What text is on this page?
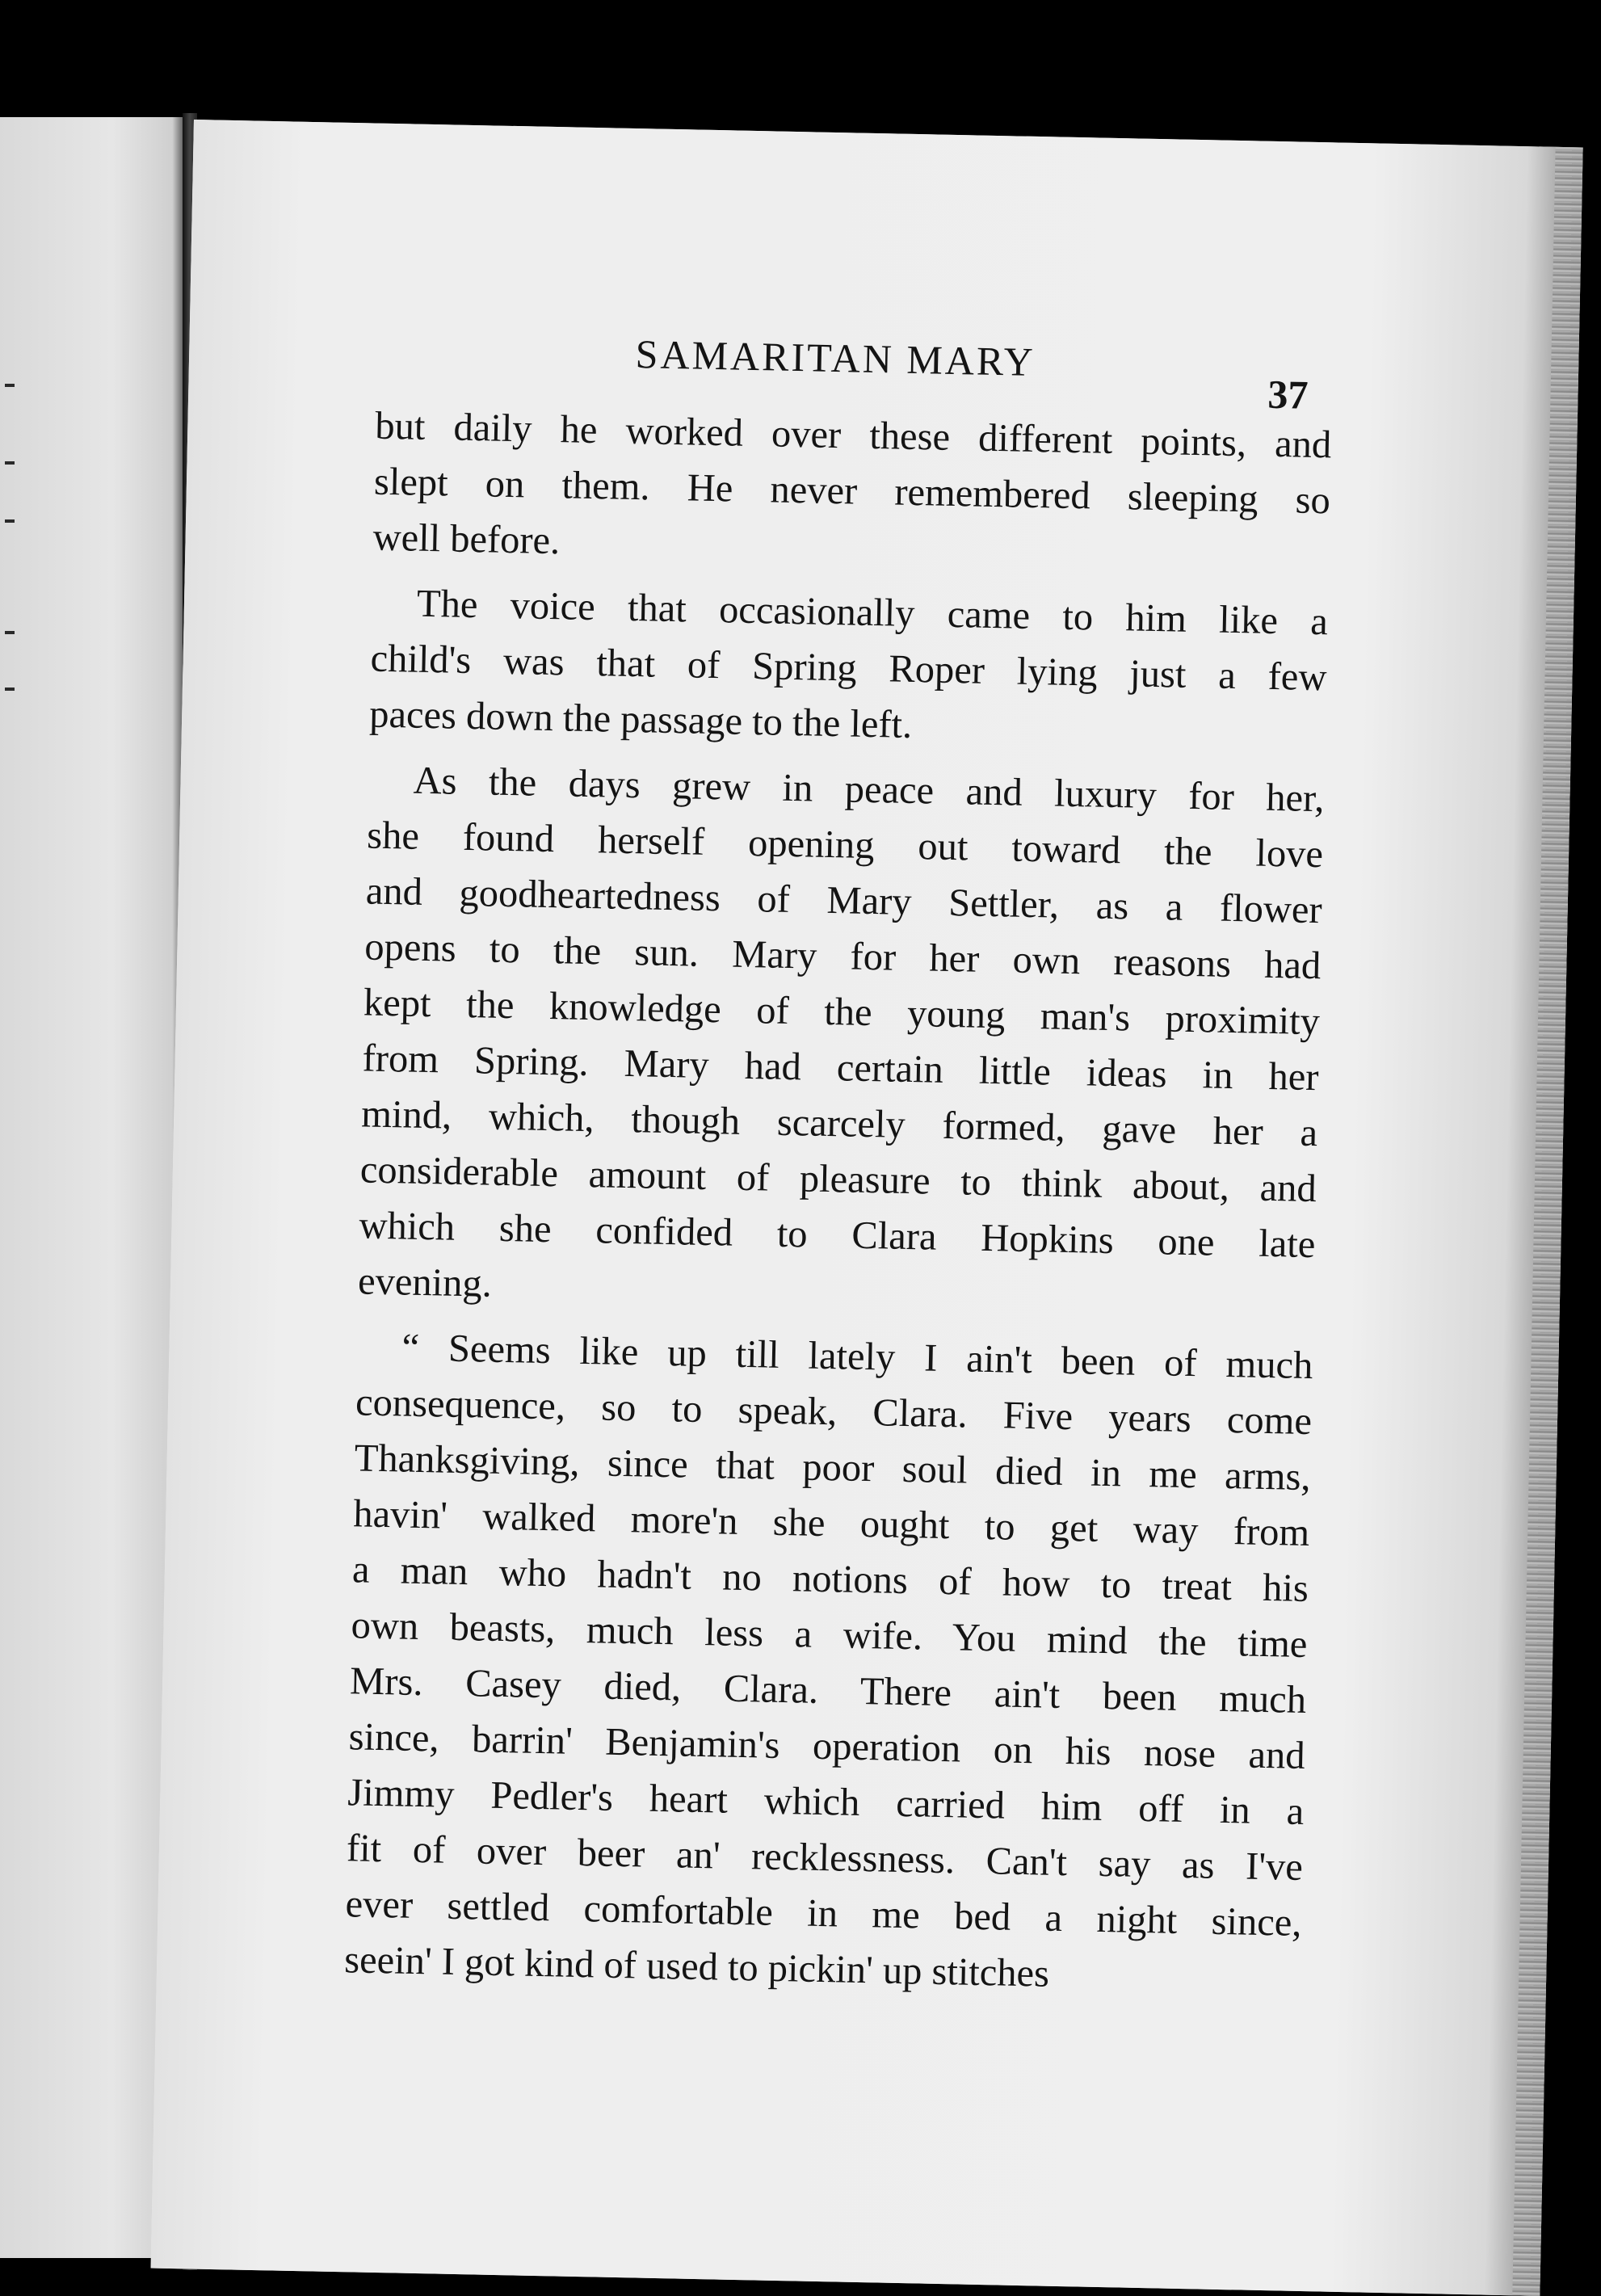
SAMARITAN MARY
37
but daily he worked over these different points, and
slept on them. He never remembered sleeping so
well before.
The voice that occasionally came to him like a
child's was that of Spring Roper lying just a few
paces down the passage to the left.
As the days grew in peace and luxury for her,
she found herself opening out toward the love
and goodheartedness of Mary Settler, as a flower
opens to the sun. Mary for her own reasons had
kept the knowledge of the young man's proximity
from Spring. Mary had certain little ideas in her
mind, which, though scarcely formed, gave her a
considerable amount of pleasure to think about, and
which she confided to Clara Hopkins one late
evening.
“ Seems like up till lately I ain't been of much
consequence, so to speak, Clara. Five years come
Thanksgiving, since that poor soul died in me arms,
havin' walked more'n she ought to get way from
a man who hadn't no notions of how to treat his
own beasts, much less a wife. You mind the time
Mrs. Casey died, Clara. There ain't been much
since, barrin' Benjamin's operation on his nose and
Jimmy Pedler's heart which carried him off in a
fit of over beer an' recklessness. Can't say as I've
ever settled comfortable in me bed a night since,
seein' I got kind of used to pickin' up stitches
